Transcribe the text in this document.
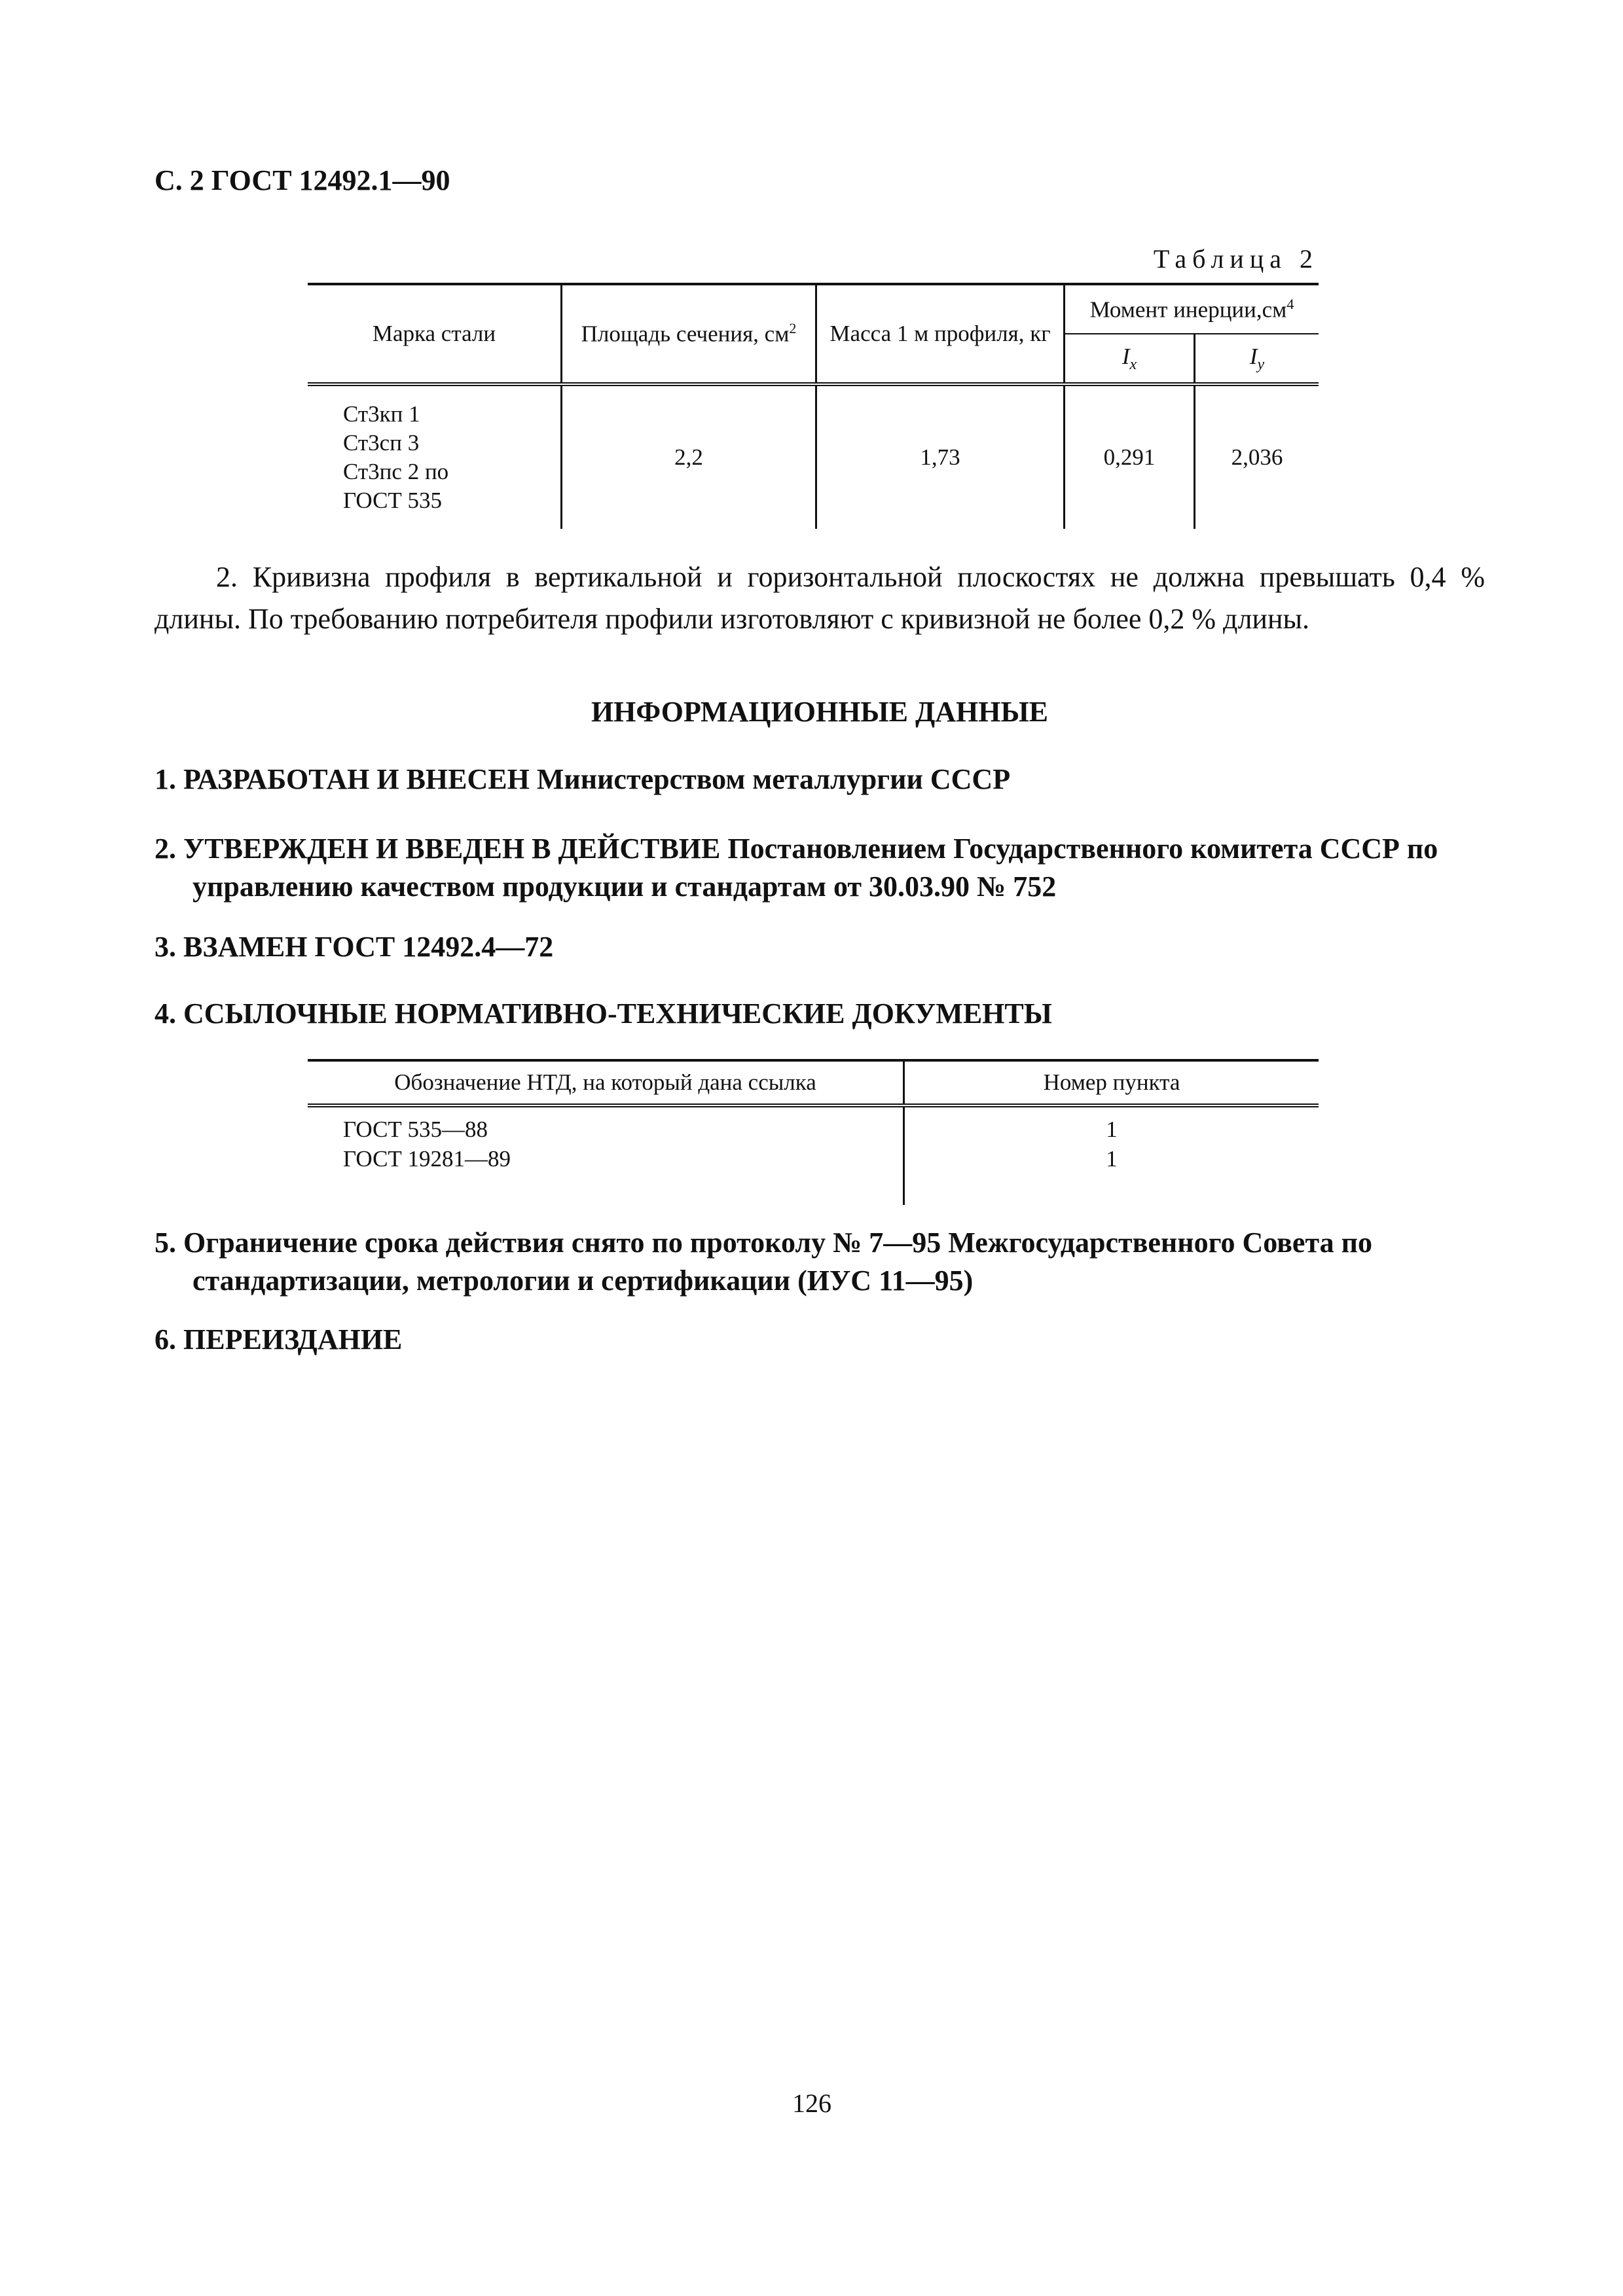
С. 2 ГОСТ 12492.1—90
Таблица 2
Марка стали	Площадь сечения, $см^2$	Масса 1 м профиля, кг	Момент $инерции,см^4$
			$I_x$	$I_y$

Ст3кп 1
Ст3сп 3
Ст3пс 2 по
ГОСТ 535	2,2	1,73	0,291	2,036
2. Кривизна профиля в вертикальной и горизонтальной плоскостях не должна превышать 0,4 % длины. По требованию потребителя профили изготовляют с кривизной не более 0,2 % длины.
ИНФОРМАЦИОННЫЕ ДАННЫЕ
1. РАЗРАБОТАН И ВНЕСЕН Министерством металлургии СССР
2. УТВЕРЖДЕН И ВВЕДЕН В ДЕЙСТВИЕ Постановлением Государственного комитета СССР по управлению качеством продукции и стандартам от 30.03.90 № 752
3. ВЗАМЕН ГОСТ 12492.4—72
4. ССЫЛОЧНЫЕ НОРМАТИВНО-ТЕХНИЧЕСКИЕ ДОКУМЕНТЫ
Обозначение НТД, на который дана ссылка	Номер пункта
ГОСТ 535—88	1
ГОСТ 19281—89	1

5. Ограничение срока действия снято по протоколу № 7—95 Межгосударственного Совета по стандартизации, метрологии и сертификации (ИУС 11—95)
6. ПЕРЕИЗДАНИЕ
126
